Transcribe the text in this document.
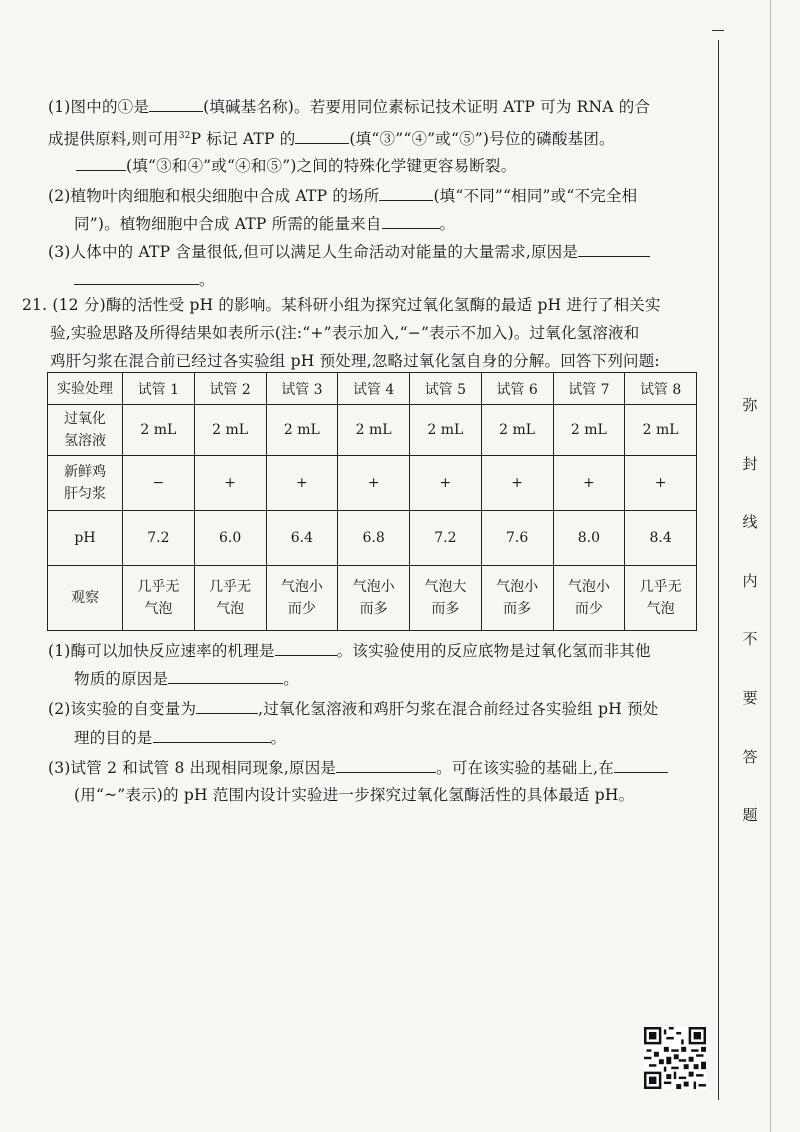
(1)图中的①是	(填碱基名称)。若要用同位素标记技术证明 ATP 可为 RNA 的合
成提供原料,则可用$^{32}$P 标记 ATP 的	(填“③”“④”或“⑤”)号位的磷酸基团。
(填“③和④”或“④和⑤”)之间的特殊化学键更容易断裂。
(2)植物叶肉细胞和根尖细胞中合成 ATP 的场所	(填“不同”“相同”或“不完全相
同”)。植物细胞中合成 ATP 所需的能量来自	。
(3)人体中的 ATP 含量很低,但可以满足人生命活动对能量的大量需求,原因是
。
21. (12 分)酶的活性受 pH 的影响。某科研小组为探究过氧化氢酶的最适 pH 进行了相关实
验,实验思路及所得结果如表所示(注:“+”表示加入,“−”表示不加入)。过氧化氢溶液和
鸡肝匀浆在混合前已经过各实验组 pH 预处理,忽略过氧化氢自身的分解。回答下列问题:
实验处理	试管 1	试管 2	试管 3	试管 4	试管 5	试管 6	试管 7	试管 8
过氧化氢溶液	2 mL	2 mL	2 mL	2 mL	2 mL	2 mL	2 mL	2 mL
新鲜鸡肝匀浆	−	+	+	+	+	+	+	+
pH	7.2	6.0	6.4	6.8	7.2	7.6	8.0	8.4
观察	几乎无气泡	几乎无气泡	气泡小而少	气泡小而多	气泡大而多	气泡小而多	气泡小而少	几乎无气泡
(1)酶可以加快反应速率的机理是	。该实验使用的反应底物是过氧化氢而非其他
物质的原因是	。
(2)该实验的自变量为	,过氧化氢溶液和鸡肝匀浆在混合前经过各实验组 pH 预处
理的目的是	。
(3)试管 2 和试管 8 出现相同现象,原因是	。可在该实验的基础上,在
(用“~”表示)的 pH 范围内设计实验进一步探究过氧化氢酶活性的具体最适 pH。
弥
封
线
内
不
要
答
题
